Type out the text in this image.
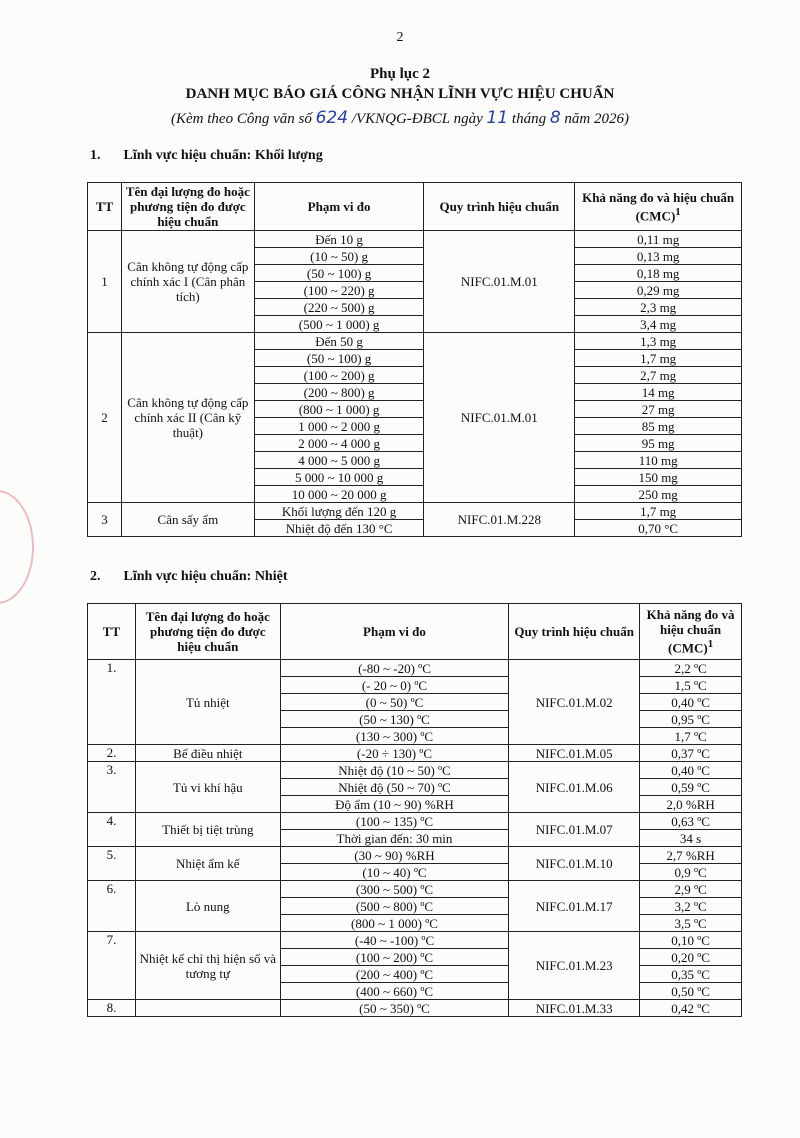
2
Phụ lục 2
DANH MỤC BÁO GIÁ CÔNG NHẬN LĨNH VỰC HIỆU CHUẨN
(Kèm theo Công văn số 624 /VKNQG-ĐBCL ngày 11 tháng 8 năm 2026)
1. Lĩnh vực hiệu chuẩn: Khối lượng
TT	Tên đại lượng đo hoặc phương tiện đo được hiệu chuẩn	Phạm vi đo	Quy trình hiệu chuẩn	Khả năng đo và hiệu chuẩn (CMC)$^1$
1	Cân không tự động cấp chính xác I (Cân phân tích)	Đến 10 g	NIFC.01.M.01	0,11 mg
		(10 ~ 50) g		0,13 mg
		(50 ~ 100) g		0,18 mg
		(100 ~ 220) g		0,29 mg
		(220 ~ 500) g		2,3 mg
		(500 ~ 1 000) g		3,4 mg
2	Cân không tự động cấp chính xác II (Cân kỹ thuật)	Đến 50 g	NIFC.01.M.01	1,3 mg
		(50 ~ 100) g		1,7 mg
		(100 ~ 200) g		2,7 mg
		(200 ~ 800) g		14 mg
		(800 ~ 1 000) g		27 mg
		1 000 ~ 2 000 g		85 mg
		2 000 ~ 4 000 g		95 mg
		4 000 ~ 5 000 g		110 mg
		5 000 ~ 10 000 g		150 mg
		10 000 ~ 20 000 g		250 mg
3	Cân sấy ẩm	Khối lượng đến 120 g	NIFC.01.M.228	1,7 mg
		Nhiệt độ đến 130 °C		0,70 °C
2. Lĩnh vực hiệu chuẩn: Nhiệt
TT	Tên đại lượng đo hoặc phương tiện đo được hiệu chuẩn	Phạm vi đo	Quy trình hiệu chuẩn	Khả năng đo và hiệu chuẩn (CMC)$^1$
1.	Tủ nhiệt	(-80 ~ -20) ºC	NIFC.01.M.02	2,2 ºC
		(- 20 ~ 0) ºC		1,5 ºC
		(0 ~ 50) ºC		0,40 ºC
		(50 ~ 130) ºC		0,95 ºC
		(130 ~ 300) ºC		1,7 ºC
2.	Bể điều nhiệt	(-20 ÷ 130) ºC	NIFC.01.M.05	0,37 ºC
3.	Tủ vi khí hậu	Nhiệt độ (10 ~ 50) ºC	NIFC.01.M.06	0,40 ºC
		Nhiệt độ (50 ~ 70) ºC		0,59 ºC
		Độ ẩm (10 ~ 90) %RH		2,0 %RH
4.	Thiết bị tiệt trùng	(100 ~ 135) ºC	NIFC.01.M.07	0,63 ºC
		Thời gian đến: 30 min		34 s
5.	Nhiệt ẩm kế	(30 ~ 90) %RH	NIFC.01.M.10	2,7 %RH
		(10 ~ 40) ºC		0,9 ºC
6.	Lò nung	(300 ~ 500) ºC	NIFC.01.M.17	2,9 ºC
		(500 ~ 800) ºC		3,2 ºC
		(800 ~ 1 000) ºC		3,5 ºC
7.	Nhiệt kế chỉ thị hiện số và tương tự	(-40 ~ -100) ºC	NIFC.01.M.23	0,10 ºC
		(100 ~ 200) ºC		0,20 ºC
		(200 ~ 400) ºC		0,35 ºC
		(400 ~ 660) ºC		0,50 ºC
8.		(50 ~ 350) ºC	NIFC.01.M.33	0,42 ºC
